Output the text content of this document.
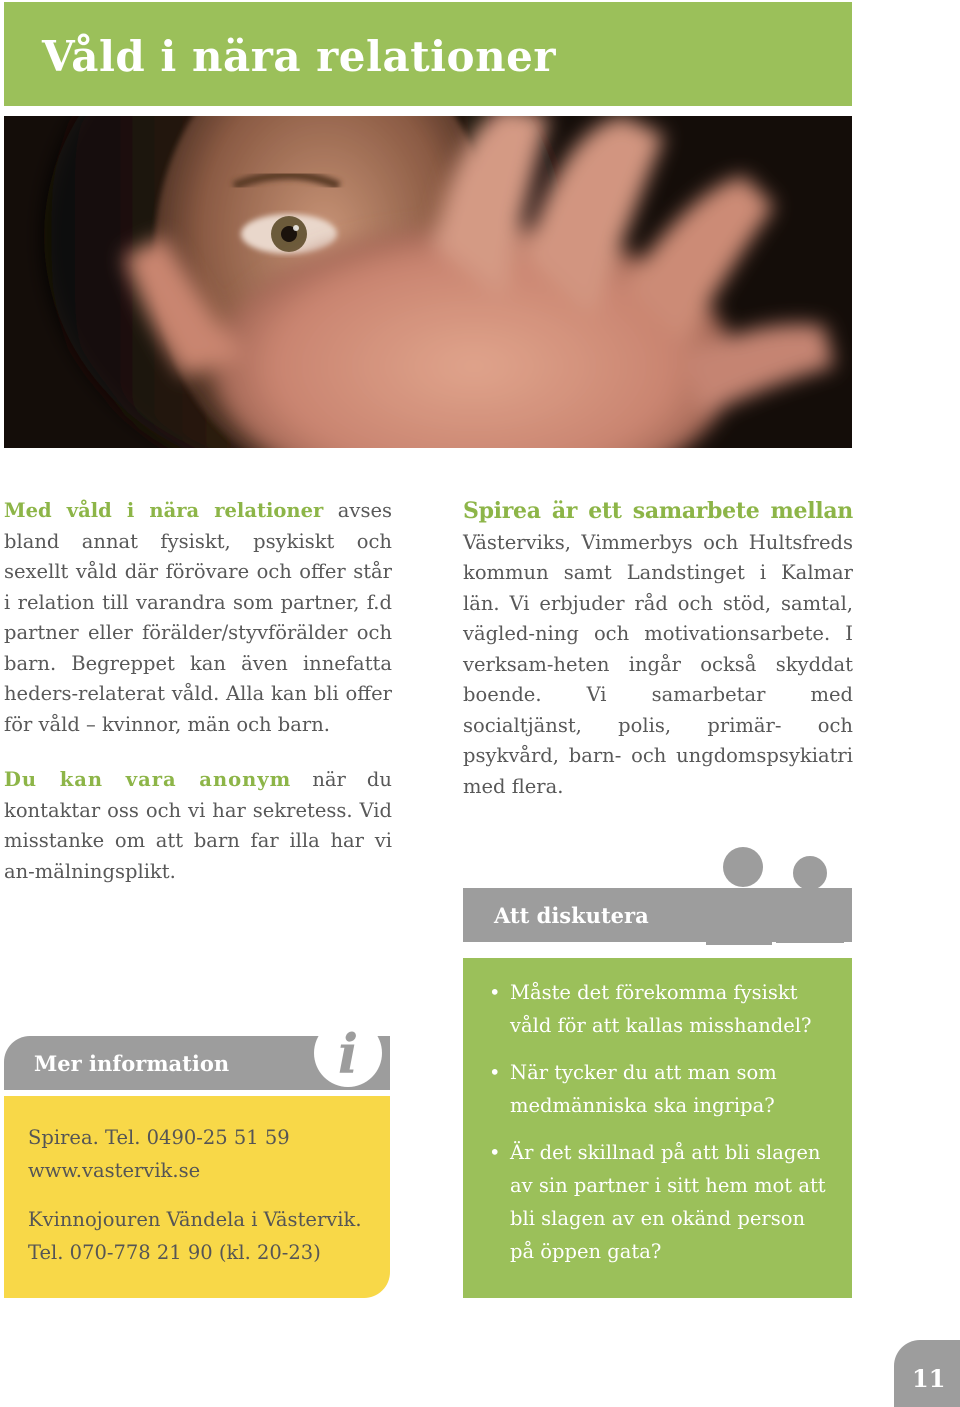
Våld i nära relationer

Med våld i nära relationer avses bland annat fysiskt, psykiskt och sexellt våld där förövare och offer står i relation till varandra som partner, f.d partner eller förälder/styvförälder och barn. Begreppet kan även innefatta heders-relaterat våld. Alla kan bli offer för våld – kvinnor, män och barn.

Du kan vara anonym när du kontaktar oss och vi har sekretess. Vid misstanke om att barn far illa har vi an-mälningsplikt.

Spirea är ett samarbete mellan Västerviks, Vimmerbys och Hultsfreds kommun samt Landstinget i Kalmar län. Vi erbjuder råd och stöd, samtal, vägled-ning och motivationsarbete. I verksam-heten ingår också skyddat boende. Vi samarbetar med socialtjänst, polis, primär- och psykvård, barn- och ungdomspsykiatri med flera.

Att diskutera
• Måste det förekomma fysiskt våld för att kallas misshandel?
• När tycker du att man som medmänniska ska ingripa?
• Är det skillnad på att bli slagen av sin partner i sitt hem mot att bli slagen av en okänd person på öppen gata?
Mer information i

Spirea. Tel. 0490-25 51 59
www.vastervik.se

Kvinnojouren Vändela i Västervik.
Tel. 070-778 21 90 (kl. 20-23)

11
